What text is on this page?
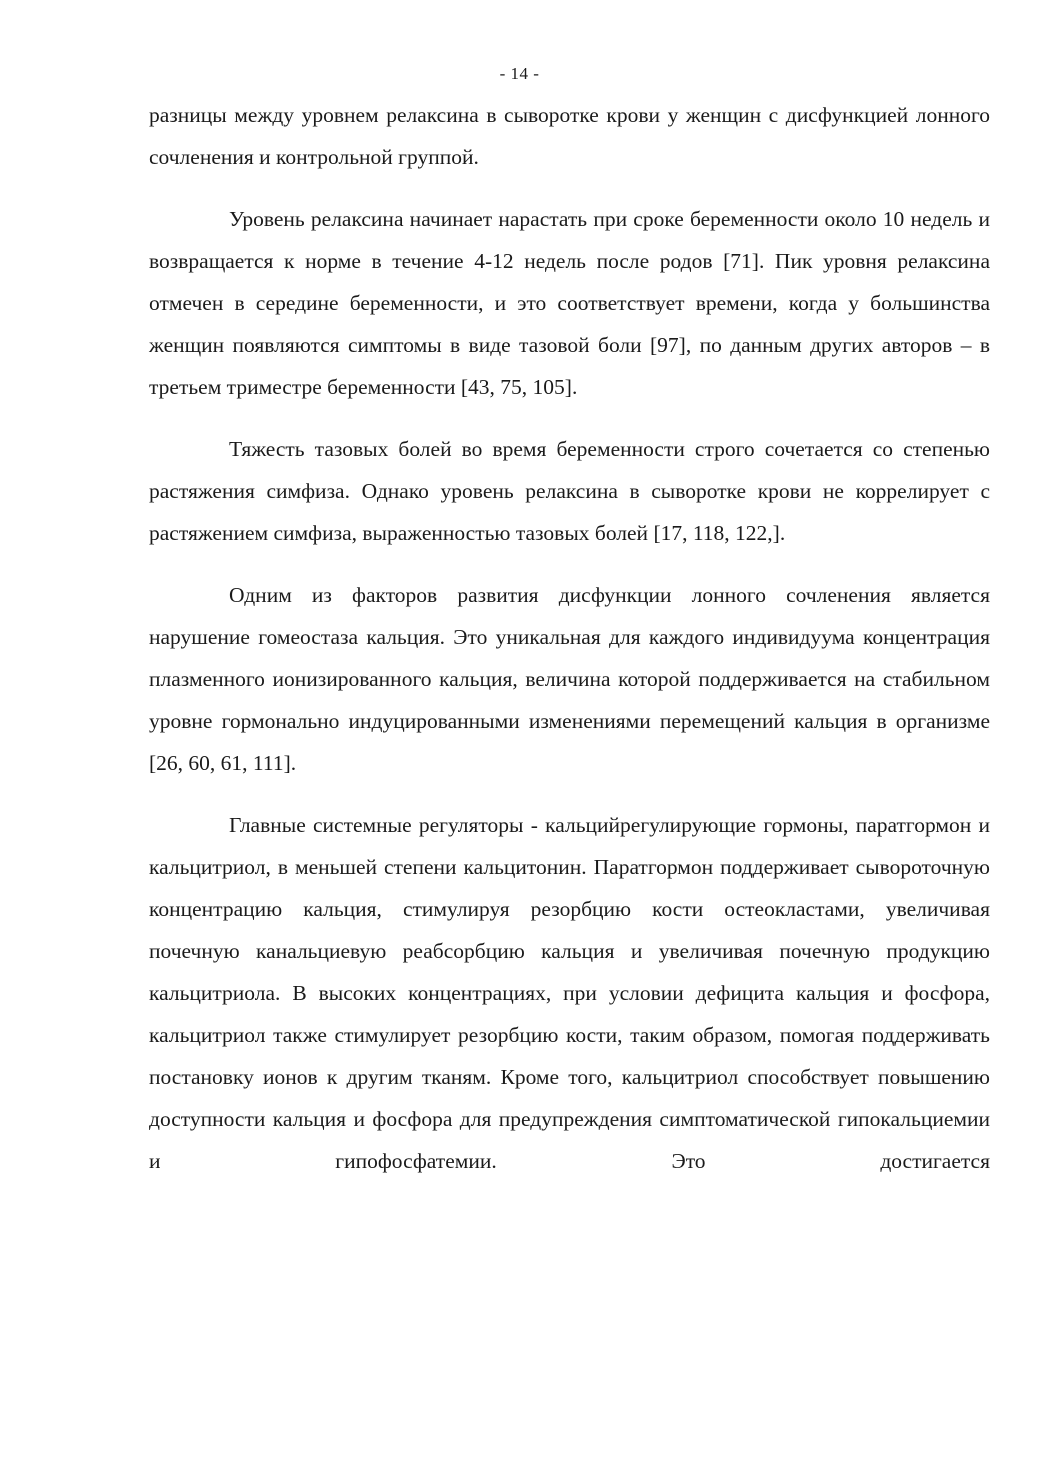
- 14 -

разницы между уровнем релаксина в сыворотке крови у женщин с дисфункцией лонного сочленения и контрольной группой.

Уровень релаксина начинает нарастать при сроке беременности около 10 недель и возвращается к норме в течение 4-12 недель после родов [71]. Пик уровня релаксина отмечен в середине беременности, и это соответствует времени, когда у большинства женщин появляются симптомы в виде тазовой боли [97], по данным других авторов – в третьем триместре беременности [43, 75, 105].

Тяжесть тазовых болей во время беременности строго сочетается со степенью растяжения симфиза. Однако уровень релаксина в сыворотке крови не коррелирует с растяжением симфиза, выраженностью тазовых болей [17, 118, 122,].

Одним из факторов развития дисфункции лонного сочленения является нарушение гомеостаза кальция. Это уникальная для каждого индивидуума концентрация плазменного ионизированного кальция, величина которой поддерживается на стабильном уровне гормонально индуцированными изменениями перемещений кальция в организме [26, 60, 61, 111].

Главные системные регуляторы - кальцийрегулирующие гормоны, паратгормон и кальцитриол, в меньшей степени кальцитонин. Паратгормон поддерживает сывороточную концентрацию кальция, стимулируя резорбцию кости остеокластами, увеличивая почечную канальциевую реабсорбцию кальция и увеличивая почечную продукцию кальцитриола. В высоких концентрациях, при условии дефицита кальция и фосфора, кальцитриол также стимулирует резорбцию кости, таким образом, помогая поддерживать постановку ионов к другим тканям. Кроме того, кальцитриол способствует повышению доступности кальция и фосфора для предупреждения симптоматической гипокальциемии и гипофосфатемии. Это достигается
